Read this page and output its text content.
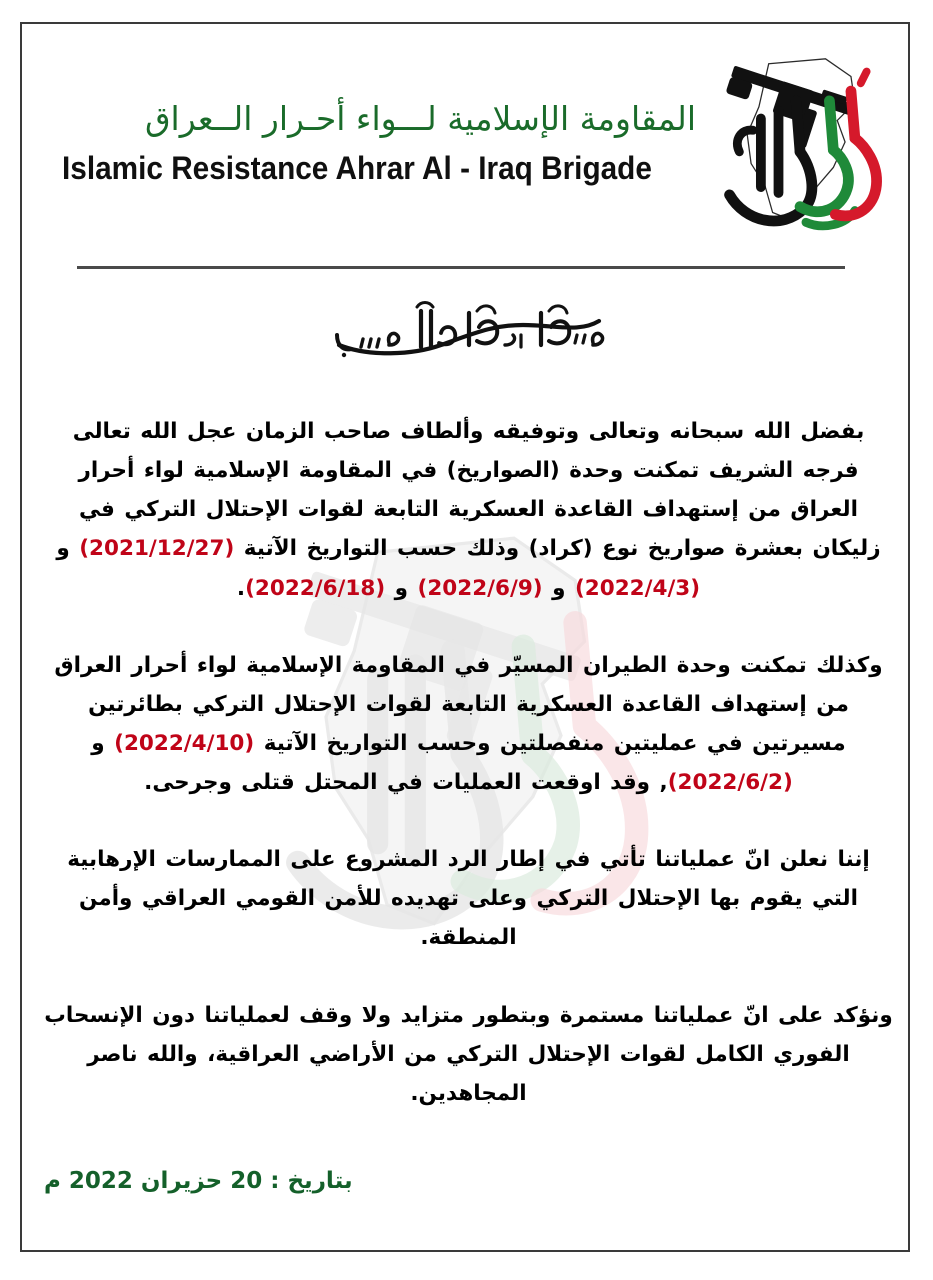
المقاومة الإسلامية لـــواء أحـرار الــعراق
Islamic Resistance Ahrar Al - Iraq Brigade

بفضل الله سبحانه وتعالى وتوفيقه وألطاف صاحب الزمان عجل الله تعالى فرجه الشريف تمكنت وحدة (الصواريخ) في المقاومة الإسلامية لواء أحرار العراق من إستهداف القاعدة العسكرية التابعة لقوات الإحتلال التركي في زليكان بعشرة صواريخ نوع (كراد) وذلك حسب التواريخ الآتية (2021/12/27) و (2022/4/3) و (2022/6/9) و (2022/6/18).

وكذلك تمكنت وحدة الطيران المسيّر في المقاومة الإسلامية لواء أحرار العراق من إستهداف القاعدة العسكرية التابعة لقوات الإحتلال التركي بطائرتين مسيرتين في عمليتين منفصلتين وحسب التواريخ الآتية (2022/4/10) و (2022/6/2), وقد اوقعت العمليات في المحتل قتلى وجرحى.

إننا نعلن انّ عملياتنا تأتي في إطار الرد المشروع على الممارسات الإرهابية التي يقوم بها الإحتلال التركي وعلى تهديده للأمن القومي العراقي وأمن المنطقة.

ونؤكد على انّ عملياتنا مستمرة وبتطور متزايد ولا وقف لعملياتنا دون الإنسحاب الفوري الكامل لقوات الإحتلال التركي من الأراضي العراقية، والله ناصر المجاهدين.

بتاريخ : 20 حزيران 2022 م
